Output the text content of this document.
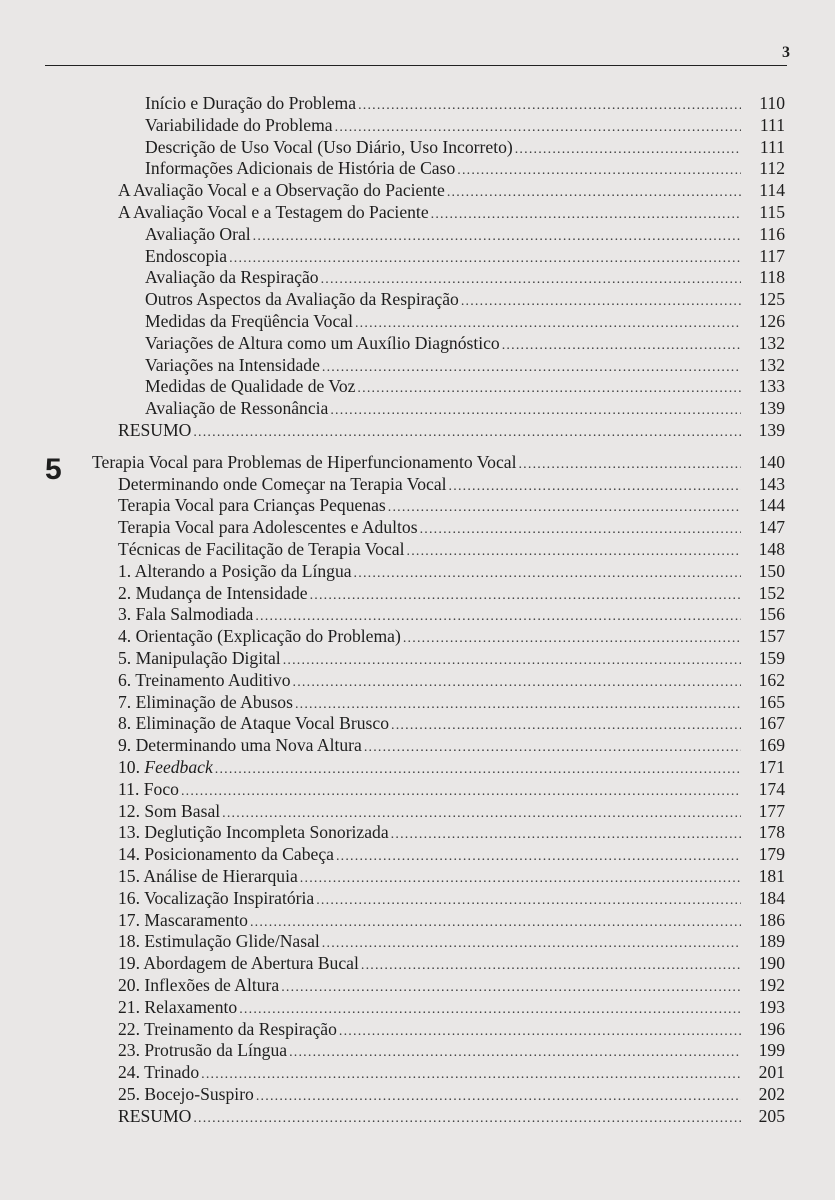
3
Início e Duração do Problema .....	110
Variabilidade do Problema .....	111
Descrição de Uso Vocal (Uso Diário, Uso Incorreto) .....	111
Informações Adicionais de História de Caso .....	112
A Avaliação Vocal e a Observação do Paciente .....	114
A Avaliação Vocal e a Testagem do Paciente .....	115
Avaliação Oral .....	116
Endoscopia .....	117
Avaliação da Respiração .....	118
Outros Aspectos da Avaliação da Respiração .....	125
Medidas da Freqüência Vocal .....	126
Variações de Altura como um Auxílio Diagnóstico .....	132
Variações na Intensidade .....	132
Medidas de Qualidade de Voz .....	133
Avaliação de Ressonância .....	139
RESUMO .....	139
Terapia Vocal para Problemas de Hiperfuncionamento Vocal .....	140
Determinando onde Começar na Terapia Vocal .....	143
Terapia Vocal para Crianças Pequenas .....	144
Terapia Vocal para Adolescentes e Adultos .....	147
Técnicas de Facilitação de Terapia Vocal .....	148
1. Alterando a Posição da Língua .....	150
2. Mudança de Intensidade .....	152
3. Fala Salmodiada .....	156
4. Orientação (Explicação do Problema) .....	157
5. Manipulação Digital .....	159
6. Treinamento Auditivo .....	162
7. Eliminação de Abusos .....	165
8. Eliminação de Ataque Vocal Brusco .....	167
9. Determinando uma Nova Altura .....	169
10. Feedback .....	171
11. Foco .....	174
12. Som Basal .....	177
13. Deglutição Incompleta Sonorizada .....	178
14. Posicionamento da Cabeça .....	179
15. Análise de Hierarquia .....	181
16. Vocalização Inspiratória .....	184
17. Mascaramento .....	186
18. Estimulação Glide/Nasal .....	189
19. Abordagem de Abertura Bucal .....	190
20. Inflexões de Altura .....	192
21. Relaxamento .....	193
22. Treinamento da Respiração .....	196
23. Protrusão da Língua .....	199
24. Trinado .....	201
25. Bocejo-Suspiro .....	202
RESUMO .....	205
5
